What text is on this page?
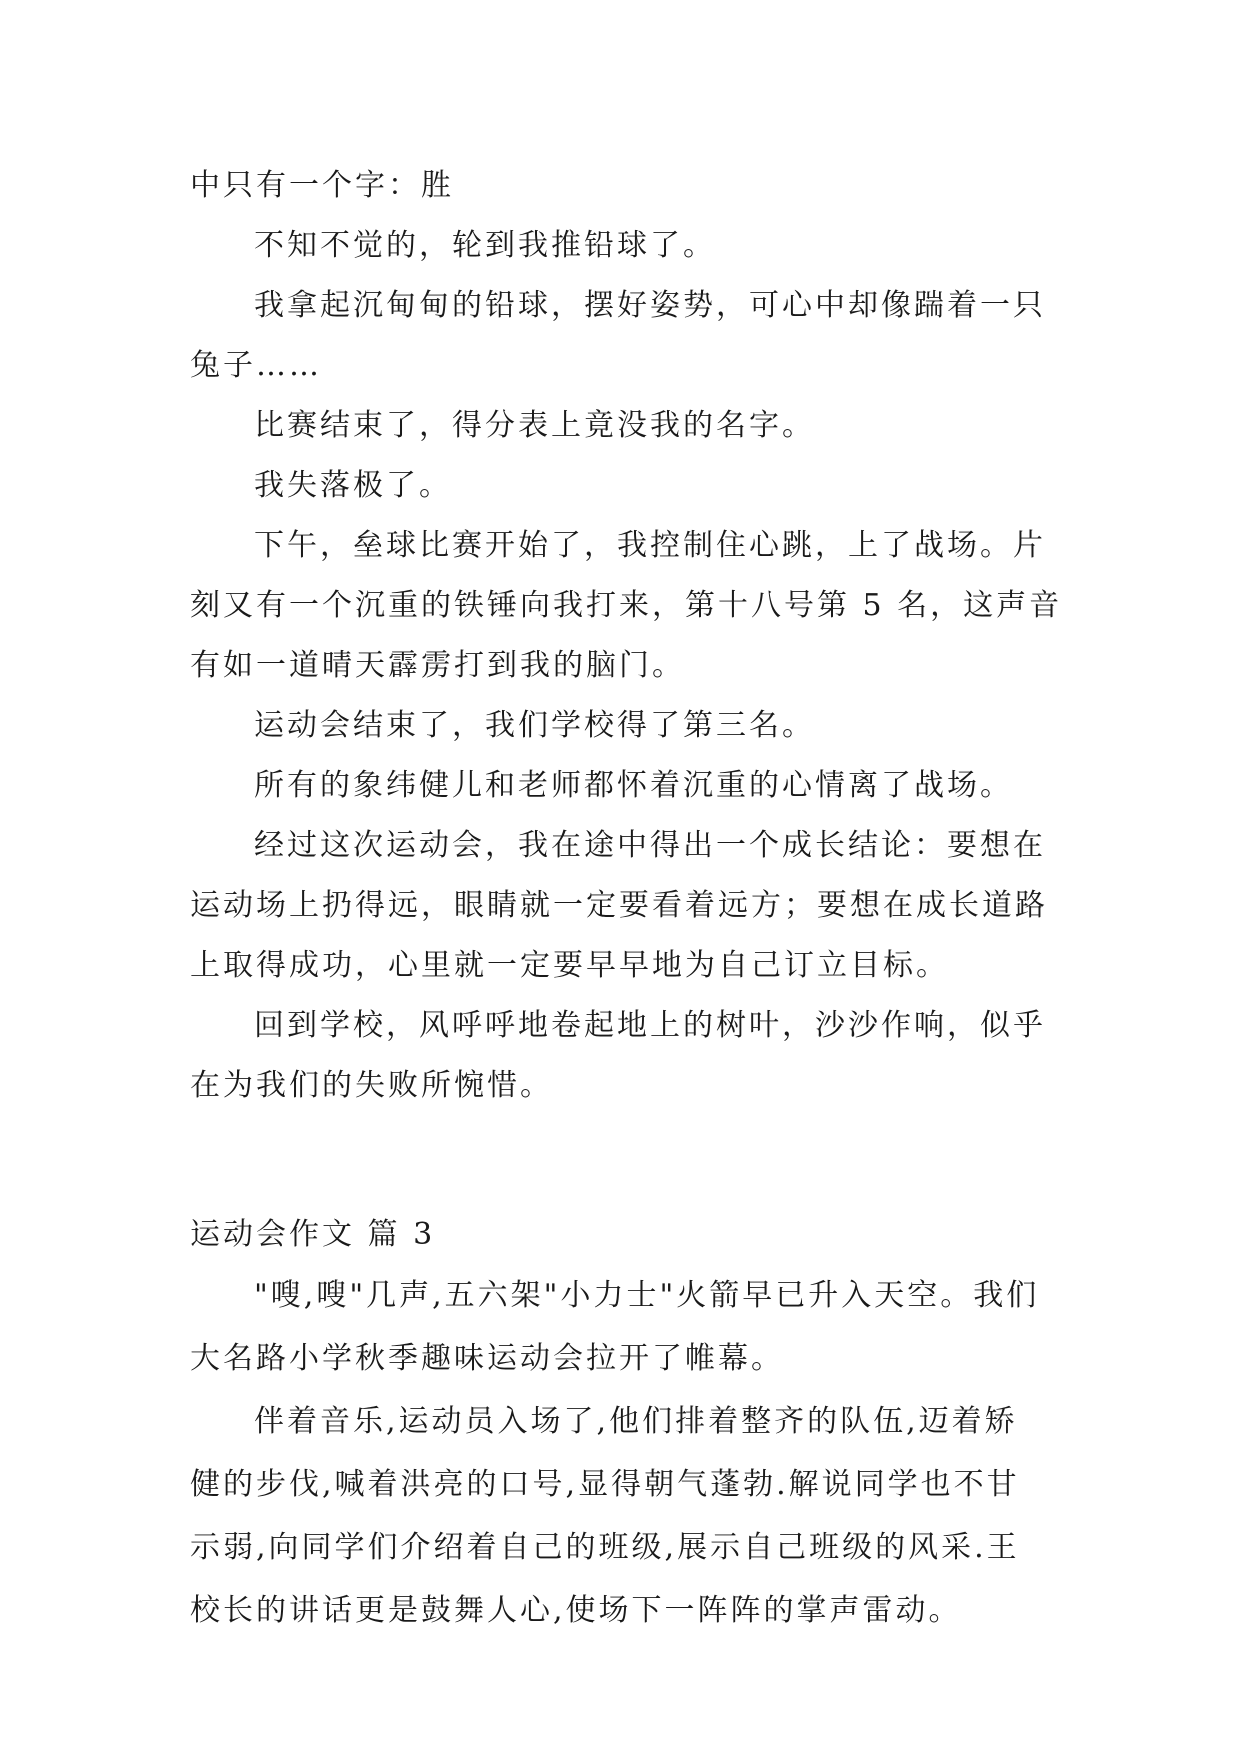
中只有一个字：胜
不知不觉的，轮到我推铅球了。
我拿起沉甸甸的铅球，摆好姿势，可心中却像踹着一只
兔子……
比赛结束了，得分表上竟没我的名字。
我失落极了。
下午，垒球比赛开始了，我控制住心跳，上了战场。片
刻又有一个沉重的铁锤向我打来，第十八号第 5 名，这声音
有如一道晴天霹雳打到我的脑门。
运动会结束了，我们学校得了第三名。
所有的象纬健儿和老师都怀着沉重的心情离了战场。
经过这次运动会，我在途中得出一个成长结论：要想在
运动场上扔得远，眼睛就一定要看着远方；要想在成长道路
上取得成功，心里就一定要早早地为自己订立目标。
回到学校，风呼呼地卷起地上的树叶，沙沙作响，似乎
在为我们的失败所惋惜。
运动会作文 篇 3
"嗖,嗖"几声,五六架"小力士"火箭早已升入天空。我们
大名路小学秋季趣味运动会拉开了帷幕。
伴着音乐,运动员入场了,他们排着整齐的队伍,迈着矫
健的步伐,喊着洪亮的口号,显得朝气蓬勃.解说同学也不甘
示弱,向同学们介绍着自己的班级,展示自己班级的风采.王
校长的讲话更是鼓舞人心,使场下一阵阵的掌声雷动。
